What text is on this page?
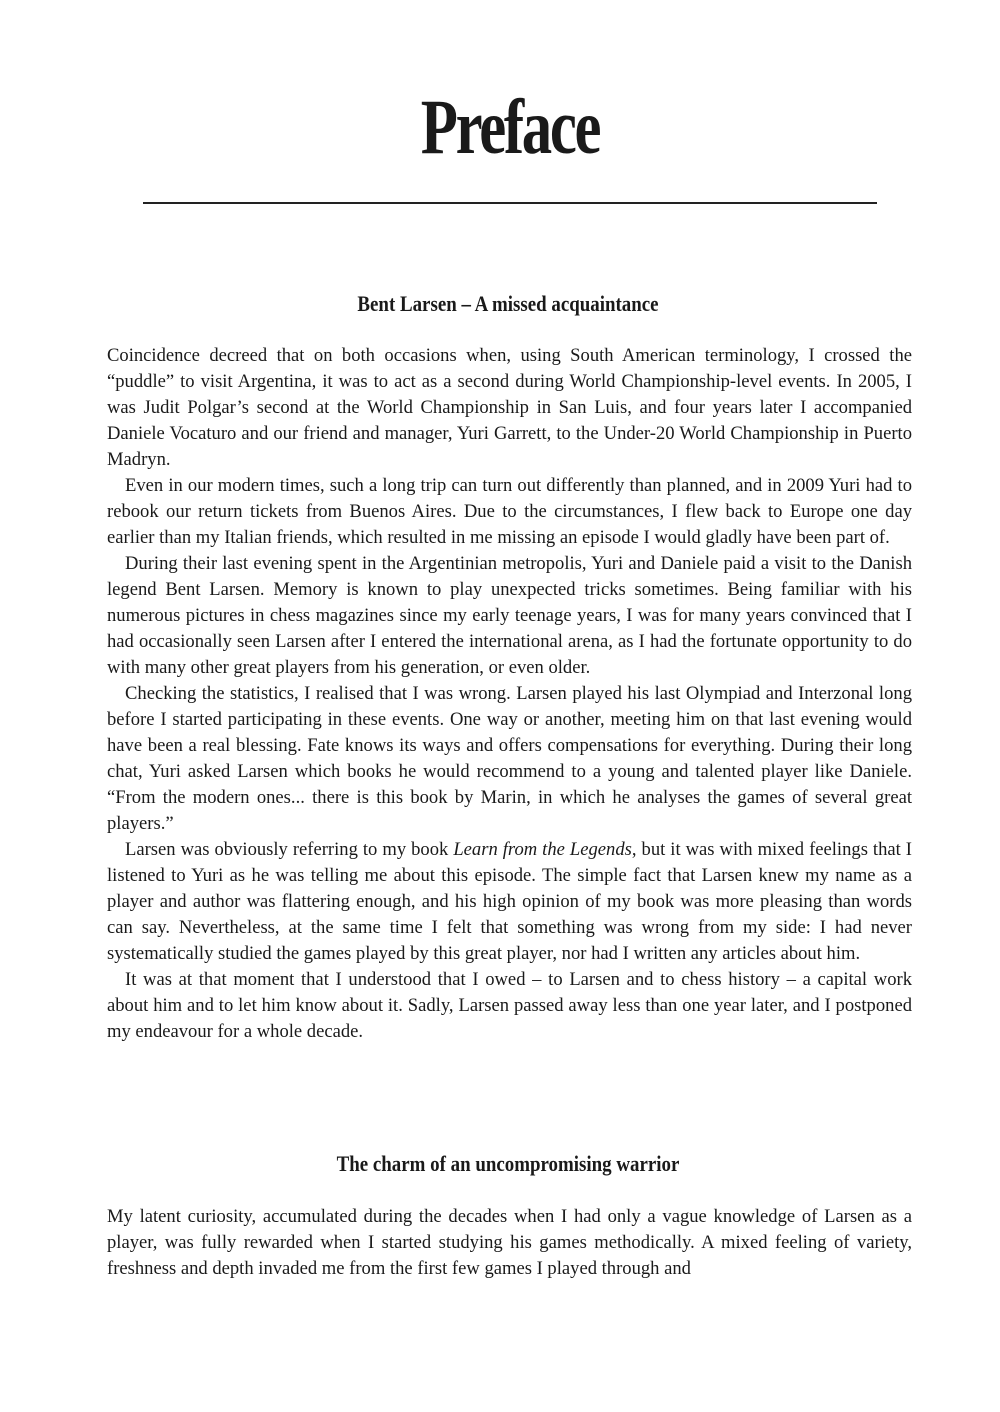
Preface
Bent Larsen – A missed acquaintance

Coincidence decreed that on both occasions when, using South American terminology, I crossed the “puddle” to visit Argentina, it was to act as a second during World Championship-level events. In 2005, I was Judit Polgar’s second at the World Championship in San Luis, and four years later I accompanied Daniele Vocaturo and our friend and manager, Yuri Garrett, to the Under-20 World Championship in Puerto Madryn.

Even in our modern times, such a long trip can turn out differently than planned, and in 2009 Yuri had to rebook our return tickets from Buenos Aires. Due to the circumstances, I flew back to Europe one day earlier than my Italian friends, which resulted in me missing an episode I would gladly have been part of.

During their last evening spent in the Argentinian metropolis, Yuri and Daniele paid a visit to the Danish legend Bent Larsen. Memory is known to play unexpected tricks sometimes. Being familiar with his numerous pictures in chess magazines since my early teenage years, I was for many years convinced that I had occasionally seen Larsen after I entered the international arena, as I had the fortunate opportunity to do with many other great players from his generation, or even older.

Checking the statistics, I realised that I was wrong. Larsen played his last Olympiad and Interzonal long before I started participating in these events. One way or another, meeting him on that last evening would have been a real blessing. Fate knows its ways and offers compensations for everything. During their long chat, Yuri asked Larsen which books he would recommend to a young and talented player like Daniele. “From the modern ones... there is this book by Marin, in which he analyses the games of several great players.”

Larsen was obviously referring to my book Learn from the Legends, but it was with mixed feelings that I listened to Yuri as he was telling me about this episode. The simple fact that Larsen knew my name as a player and author was flattering enough, and his high opinion of my book was more pleasing than words can say. Nevertheless, at the same time I felt that something was wrong from my side: I had never systematically studied the games played by this great player, nor had I written any articles about him.

It was at that moment that I understood that I owed – to Larsen and to chess history – a capital work about him and to let him know about it. Sadly, Larsen passed away less than one year later, and I postponed my endeavour for a whole decade.

The charm of an uncompromising warrior

My latent curiosity, accumulated during the decades when I had only a vague knowledge of Larsen as a player, was fully rewarded when I started studying his games methodically. A mixed feeling of variety, freshness and depth invaded me from the first few games I played through and
